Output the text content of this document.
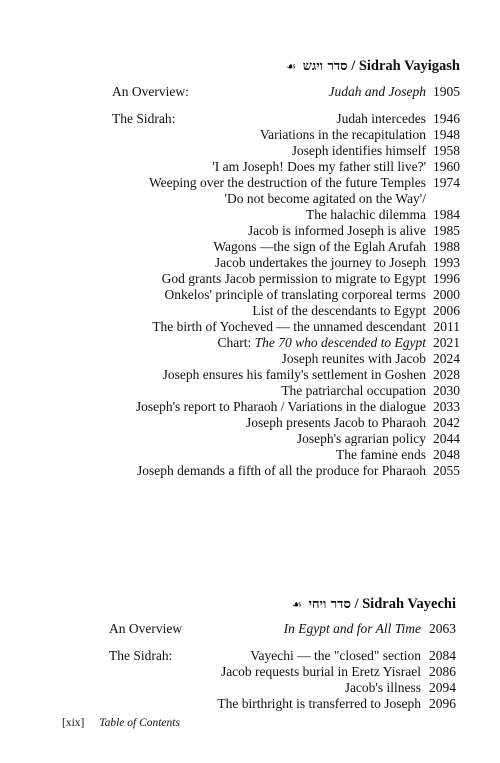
☙ סדר ויגש / Sidrah Vayigash
An Overview:	Judah and Joseph 1905
The Sidrah:	Judah intercedes 1946
Variations in the recapitulation 1948
Joseph identifies himself 1958
'I am Joseph! Does my father still live?' 1960
Weeping over the destruction of the future Temples 1974
'Do not become agitated on the Way'/
The halachic dilemma 1984
Jacob is informed Joseph is alive 1985
Wagons —the sign of the Eglah Arufah 1988
Jacob undertakes the journey to Joseph 1993
God grants Jacob permission to migrate to Egypt 1996
Onkelos' principle of translating corporeal terms 2000
List of the descendants to Egypt 2006
The birth of Yocheved — the unnamed descendant 2011
Chart: The 70 who descended to Egypt 2021
Joseph reunites with Jacob 2024
Joseph ensures his family's settlement in Goshen 2028
The patriarchal occupation 2030
Joseph's report to Pharaoh / Variations in the dialogue 2033
Joseph presents Jacob to Pharaoh 2042
Joseph's agrarian policy 2044
The famine ends 2048
Joseph demands a fifth of all the produce for Pharaoh 2055
☙ סדר ויחי / Sidrah Vayechi
An Overview	In Egypt and for All Time 2063
The Sidrah:	Vayechi — the "closed" section 2084
Jacob requests burial in Eretz Yisrael 2086
Jacob's illness 2094
The birthright is transferred to Joseph 2096
[xix] Table of Contents
